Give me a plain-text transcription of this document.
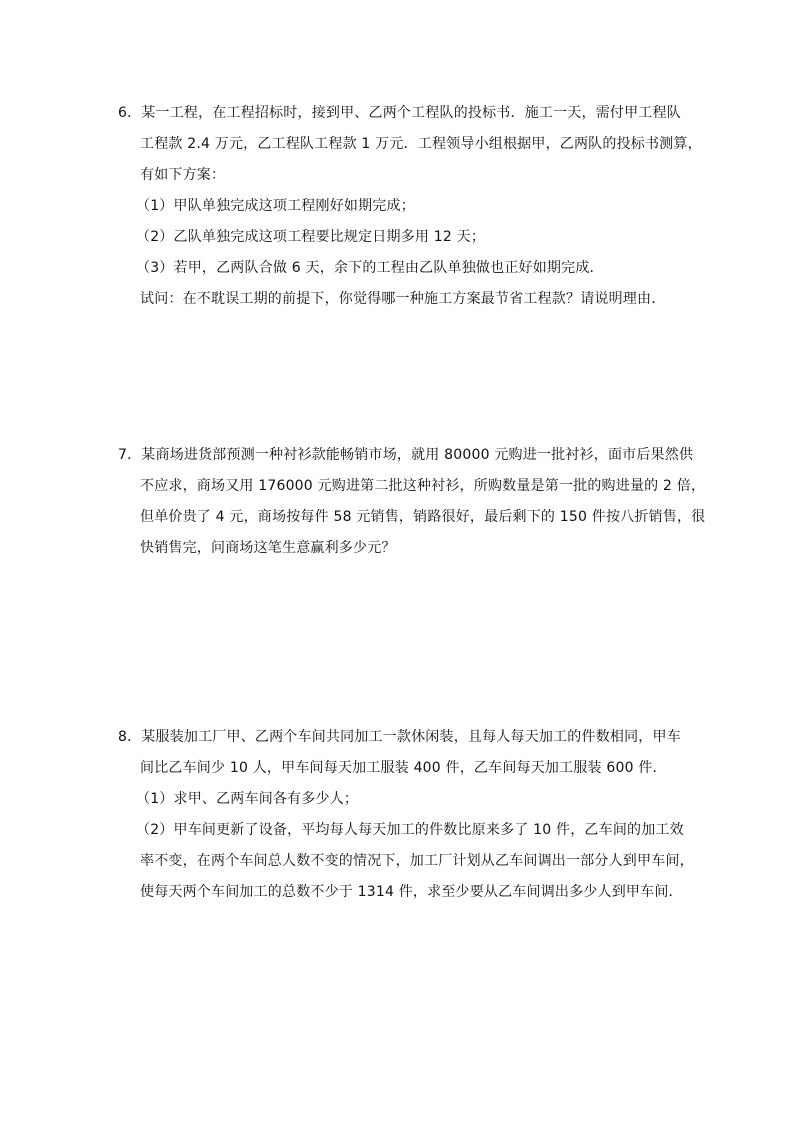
6．某一工程，在工程招标时，接到甲、乙两个工程队的投标书．施工一天，需付甲工程队
工程款 2.4 万元，乙工程队工程款 1 万元．工程领导小组根据甲，乙两队的投标书测算，
有如下方案：
（1）甲队单独完成这项工程刚好如期完成；
（2）乙队单独完成这项工程要比规定日期多用 12 天；
（3）若甲，乙两队合做 6 天，余下的工程由乙队单独做也正好如期完成．
试问：在不耽误工期的前提下，你觉得哪一种施工方案最节省工程款？请说明理由．
7．某商场进货部预测一种衬衫款能畅销市场，就用 80000 元购进一批衬衫，面市后果然供
不应求，商场又用 176000 元购进第二批这种衬衫，所购数量是第一批的购进量的 2 倍，
但单价贵了 4 元，商场按每件 58 元销售，销路很好，最后剩下的 150 件按八折销售，很
快销售完，问商场这笔生意赢利多少元？
8．某服装加工厂甲、乙两个车间共同加工一款休闲装，且每人每天加工的件数相同，甲车
间比乙车间少 10 人，甲车间每天加工服装 400 件，乙车间每天加工服装 600 件．
（1）求甲、乙两车间各有多少人；
（2）甲车间更新了设备，平均每人每天加工的件数比原来多了 10 件，乙车间的加工效
率不变，在两个车间总人数不变的情况下，加工厂计划从乙车间调出一部分人到甲车间，
使每天两个车间加工的总数不少于 1314 件，求至少要从乙车间调出多少人到甲车间．
